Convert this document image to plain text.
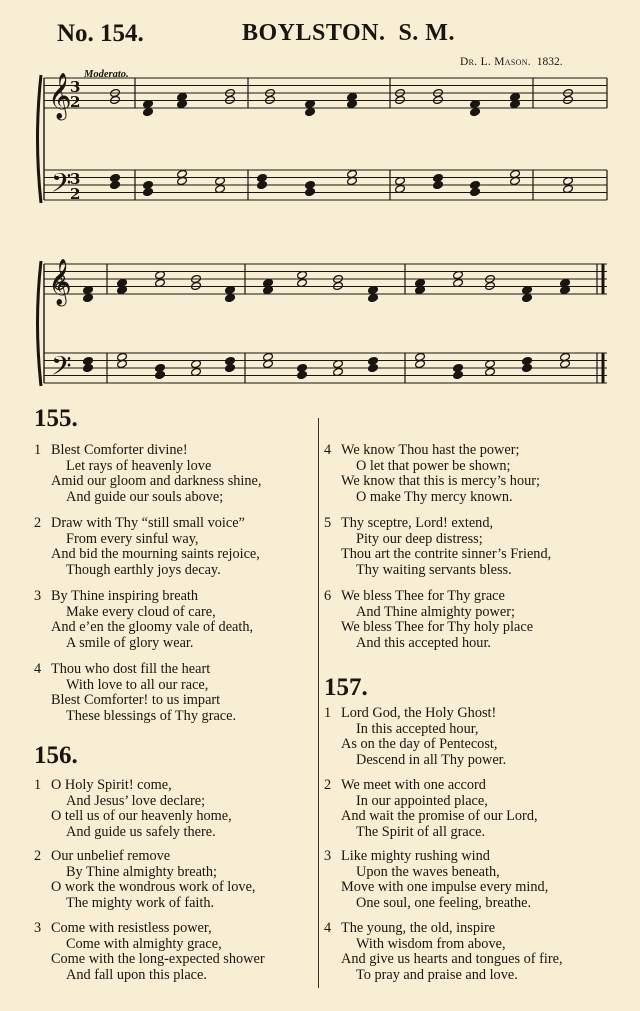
No. 154.	BOYLSTON. S. M.
Dr. L. Mason. 1832.
Moderato.
𝄞
𝄢
3
2
3
2
𝄞
𝄢
155.
1 Blest Comforter divine!
Let rays of heavenly love
Amid our gloom and darkness shine,
And guide our souls above;
2 Draw with Thy “still small voice”
From every sinful way,
And bid the mourning saints rejoice,
Though earthly joys decay.
3 By Thine inspiring breath
Make every cloud of care,
And e’en the gloomy vale of death,
A smile of glory wear.
4 Thou who dost fill the heart
With love to all our race,
Blest Comforter! to us impart
These blessings of Thy grace.
156.
1 O Holy Spirit! come,
And Jesus’ love declare;
O tell us of our heavenly home,
And guide us safely there.
2 Our unbelief remove
By Thine almighty breath;
O work the wondrous work of love,
The mighty work of faith.
3 Come with resistless power,
Come with almighty grace,
Come with the long-expected shower
And fall upon this place.
4 We know Thou hast the power;
O let that power be shown;
We know that this is mercy’s hour;
O make Thy mercy known.
5 Thy sceptre, Lord! extend,
Pity our deep distress;
Thou art the contrite sinner’s Friend,
Thy waiting servants bless.
6 We bless Thee for Thy grace
And Thine almighty power;
We bless Thee for Thy holy place
And this accepted hour.
157.
1 Lord God, the Holy Ghost!
In this accepted hour,
As on the day of Pentecost,
Descend in all Thy power.
2 We meet with one accord
In our appointed place,
And wait the promise of our Lord,
The Spirit of all grace.
3 Like mighty rushing wind
Upon the waves beneath,
Move with one impulse every mind,
One soul, one feeling, breathe.
4 The young, the old, inspire
With wisdom from above,
And give us hearts and tongues of fire,
To pray and praise and love.
